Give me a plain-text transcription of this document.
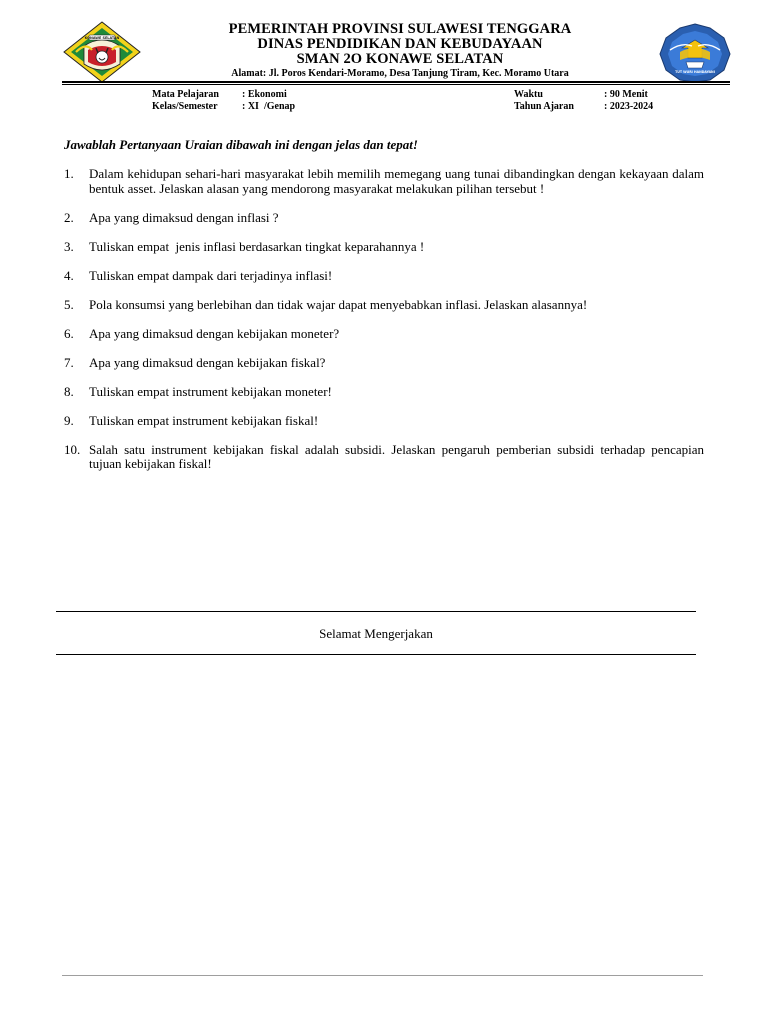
KONAWE SELATAN
PEMERINTAH PROVINSI SULAWESI TENGGARA
DINAS PENDIDIKAN DAN KEBUDAYAAN
SMAN 2O KONAWE SELATAN
Alamat: Jl. Poros Kendari-Moramo, Desa Tanjung Tiram, Kec. Moramo Utara	TUT WURI HANDAYANI
Mata Pelajaran	: Ekonomi
Kelas/Semester	: XI  /Genap
Waktu	: 90 Menit
Tahun Ajaran	: 2023-2024
Jawablah Pertanyaan Uraian dibawah ini dengan jelas dan tepat!
1.	Dalam kehidupan sehari-hari masyarakat lebih memilih memegang uang tunai dibandingkan dengan kekayaan dalam bentuk asset. Jelaskan alasan yang mendorong masyarakat melakukan pilihan tersebut !
2.	Apa yang dimaksud dengan inflasi ?
3.	Tuliskan empat  jenis inflasi berdasarkan tingkat keparahannya !
4.	Tuliskan empat dampak dari terjadinya inflasi!
5.	Pola konsumsi yang berlebihan dan tidak wajar dapat menyebabkan inflasi. Jelaskan alasannya!
6.	Apa yang dimaksud dengan kebijakan moneter?
7.	Apa yang dimaksud dengan kebijakan fiskal?
8.	Tuliskan empat instrument kebijakan moneter!
9.	Tuliskan empat instrument kebijakan fiskal!
10. Salah satu instrument kebijakan fiskal adalah subsidi. Jelaskan pengaruh pemberian subsidi terhadap pencapian tujuan kebijakan fiskal!
Selamat Mengerjakan
